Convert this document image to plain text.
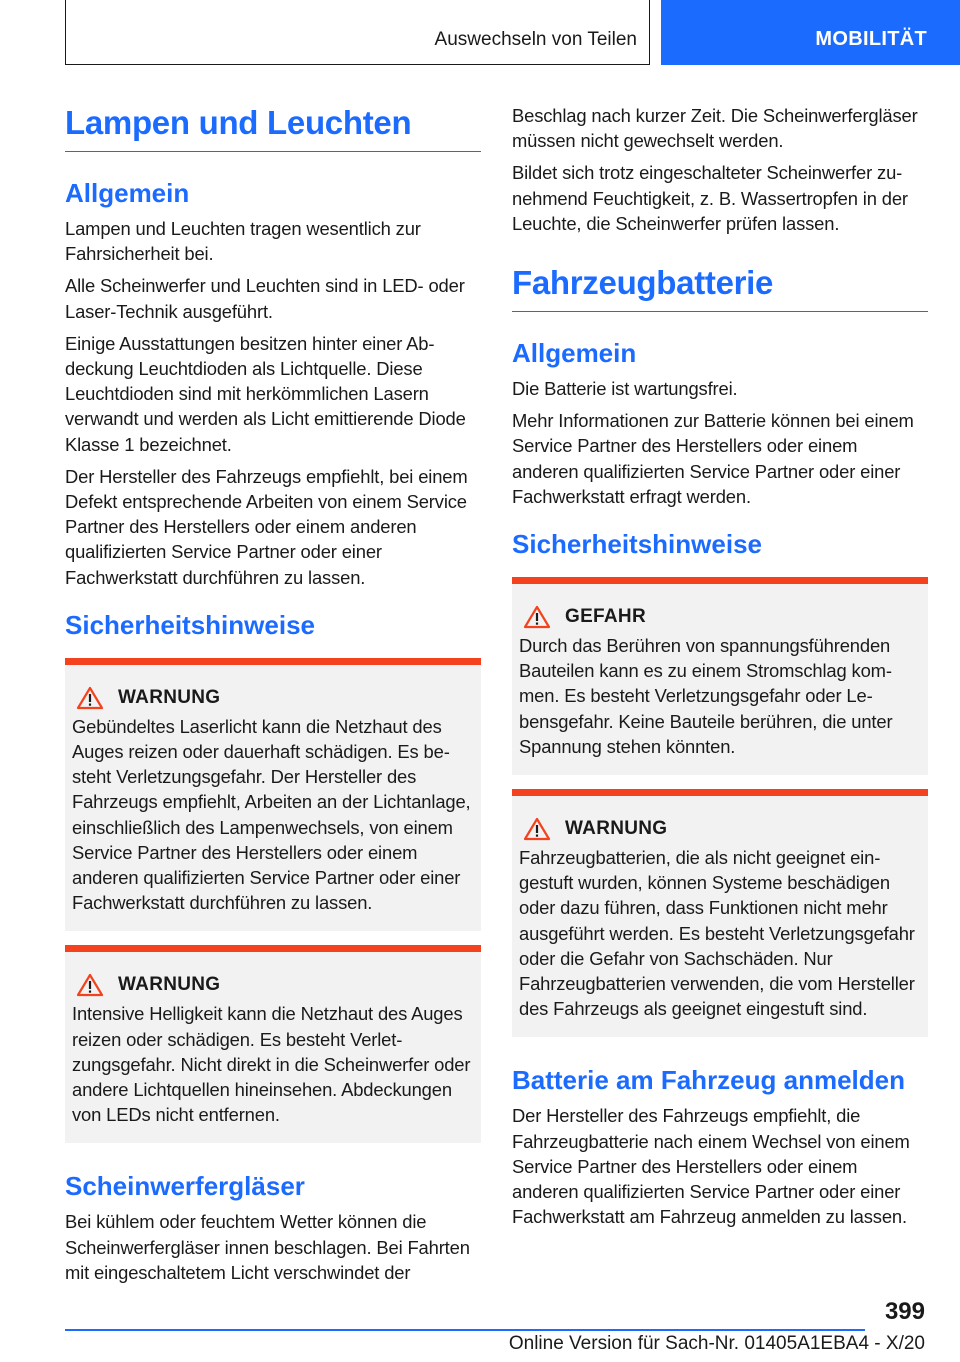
Auswechseln von Teilen	MOBILITÄT
Lampen und Leuchten
Allgemein

Lampen und Leuchten tragen wesentlich zur Fahrsicherheit bei.

Alle Scheinwerfer und Leuchten sind in LED- oder Laser-Technik ausgeführt.

Einige Ausstattungen besitzen hinter einer Abdeckung Leuchtdioden als Lichtquelle. Diese Leuchtdioden sind mit herkömmlichen Lasern verwandt und werden als Licht emittierende Diode Klasse 1 bezeichnet.

Der Hersteller des Fahrzeugs empfiehlt, bei einem Defekt entsprechende Arbeiten von einem Service Partner des Herstellers oder einem anderen qualifizierten Service Partner oder einer Fachwerkstatt durchführen zu lassen.

Sicherheitshinweise
WARNUNG

Gebündeltes Laserlicht kann die Netzhaut des Auges reizen oder dauerhaft schädigen. Es besteht Verletzungsgefahr. Der Hersteller des Fahrzeugs empfiehlt, Arbeiten an der Lichtanlage, einschließlich des Lampenwechsels, von einem Service Partner des Herstellers oder einem anderen qualifizierten Service Partner oder einer Fachwerkstatt durchführen zu lassen.

WARNUNG

Intensive Helligkeit kann die Netzhaut des Auges reizen oder schädigen. Es besteht Verletzungsgefahr. Nicht direkt in die Scheinwerfer oder andere Lichtquellen hineinsehen. Abdeckungen von LEDs nicht entfernen.

Scheinwerfergläser

Bei kühlem oder feuchtem Wetter können die Scheinwerfergläser innen beschlagen. Bei Fahrten mit eingeschaltetem Licht verschwindet der

Beschlag nach kurzer Zeit. Die Scheinwerfergläser müssen nicht gewechselt werden.

Bildet sich trotz eingeschalteter Scheinwerfer zunehmend Feuchtigkeit, z. B. Wassertropfen in der Leuchte, die Scheinwerfer prüfen lassen.

Fahrzeugbatterie
Allgemein

Die Batterie ist wartungsfrei.

Mehr Informationen zur Batterie können bei einem Service Partner des Herstellers oder einem anderen qualifizierten Service Partner oder einer Fachwerkstatt erfragt werden.

Sicherheitshinweise
GEFAHR

Durch das Berühren von spannungsführenden Bauteilen kann es zu einem Stromschlag kommen. Es besteht Verletzungsgefahr oder Lebensgefahr. Keine Bauteile berühren, die unter Spannung stehen könnten.

WARNUNG

Fahrzeugbatterien, die als nicht geeignet eingestuft wurden, können Systeme beschädigen oder dazu führen, dass Funktionen nicht mehr ausgeführt werden. Es besteht Verletzungsgefahr oder die Gefahr von Sachschäden. Nur Fahrzeugbatterien verwenden, die vom Hersteller des Fahrzeugs als geeignet eingestuft sind.

Batterie am Fahrzeug anmelden

Der Hersteller des Fahrzeugs empfiehlt, die Fahrzeugbatterie nach einem Wechsel von einem Service Partner des Herstellers oder einem anderen qualifizierten Service Partner oder einer Fachwerkstatt am Fahrzeug anmelden zu lassen.

399
Online Version für Sach-Nr. 01405A1EBA4 - X/20
